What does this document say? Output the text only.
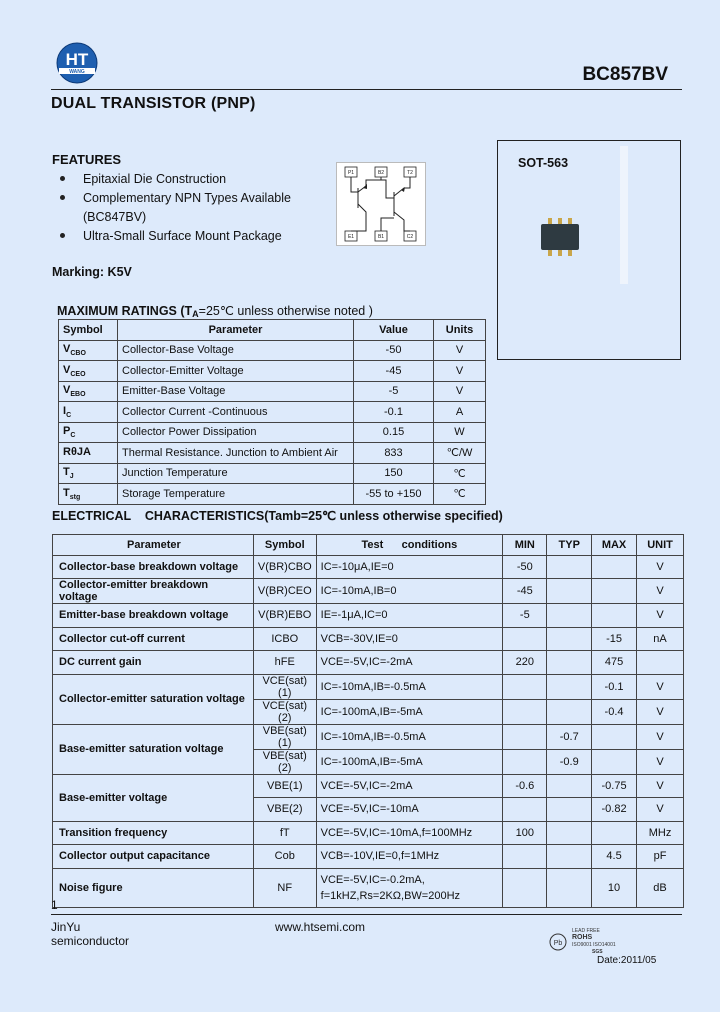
HT
WANG	BC857BV
DUAL TRANSISTOR (PNP)
FEATURES
Epitaxial Die Construction
Complementary NPN Types Available
(BC847BV)
Ultra-Small Surface Mount Package
Marking: K5V
P1	B2	T2
E1	B1	C2
SOT-563
MAXIMUM RATINGS ($T_A=25℃$ unless otherwise noted )
Symbol	Parameter	Value	Units
$V_{CBO}$	Collector-Base Voltage	-50	V
$V_{CEO}$	Collector-Emitter Voltage	-45	V
$V_{EBO}$	Emitter-Base Voltage	-5	V
$I_C$	Collector Current -Continuous	-0.1	A
$P_C$	Collector Power Dissipation	0.15	W
RθJA	Thermal Resistance. Junction to Ambient Air	833	℃/W
$T_J$	Junction Temperature	150	℃
$T_{stg}$	Storage Temperature	-55 to +150	℃
ELECTRICAL    CHARACTERISTICS(Tamb=25℃ unless otherwise specified)
Parameter	Symbol	Test      conditions	MIN	TYP	MAX	UNIT
Collector-base breakdown voltage	V(BR)CBO	IC=-10μA,IE=0	-50			V
Collector-emitter breakdown voltage	V(BR)CEO	IC=-10mA,IB=0	-45			V
Emitter-base breakdown voltage	V(BR)EBO	IE=-1μA,IC=0	-5			V
Collector cut-off current	ICBO	VCB=-30V,IE=0			-15	nA
DC current gain	hFE	VCE=-5V,IC=-2mA	220		475	
Collector-emitter saturation voltage	VCE(sat)(1)	IC=-10mA,IB=-0.5mA			-0.1	V
	VCE(sat)(2)	IC=-100mA,IB=-5mA			-0.4	V
Base-emitter saturation voltage	VBE(sat)(1)	IC=-10mA,IB=-0.5mA		-0.7		V
	VBE(sat)(2)	IC=-100mA,IB=-5mA		-0.9		V
Base-emitter voltage	VBE(1)	VCE=-5V,IC=-2mA	-0.6		-0.75	V
	VBE(2)	VCE=-5V,IC=-10mA			-0.82	V
Transition frequency	fT	VCE=-5V,IC=-10mA,f=100MHz	100			MHz
Collector output capacitance	Cob	VCB=-10V,IE=0,f=1MHz			4.5	pF
Noise figure	NF	VCE=-5V,IC=-0.2mA,
f=1kHZ,Rs=2KΩ,BW=200Hz			10	dB
1
JinYu
semiconductor
www.htsemi.com
Pb
LEAD FREE
ROHS
ISO9001 ISO14001
SGS
Date:2011/05
